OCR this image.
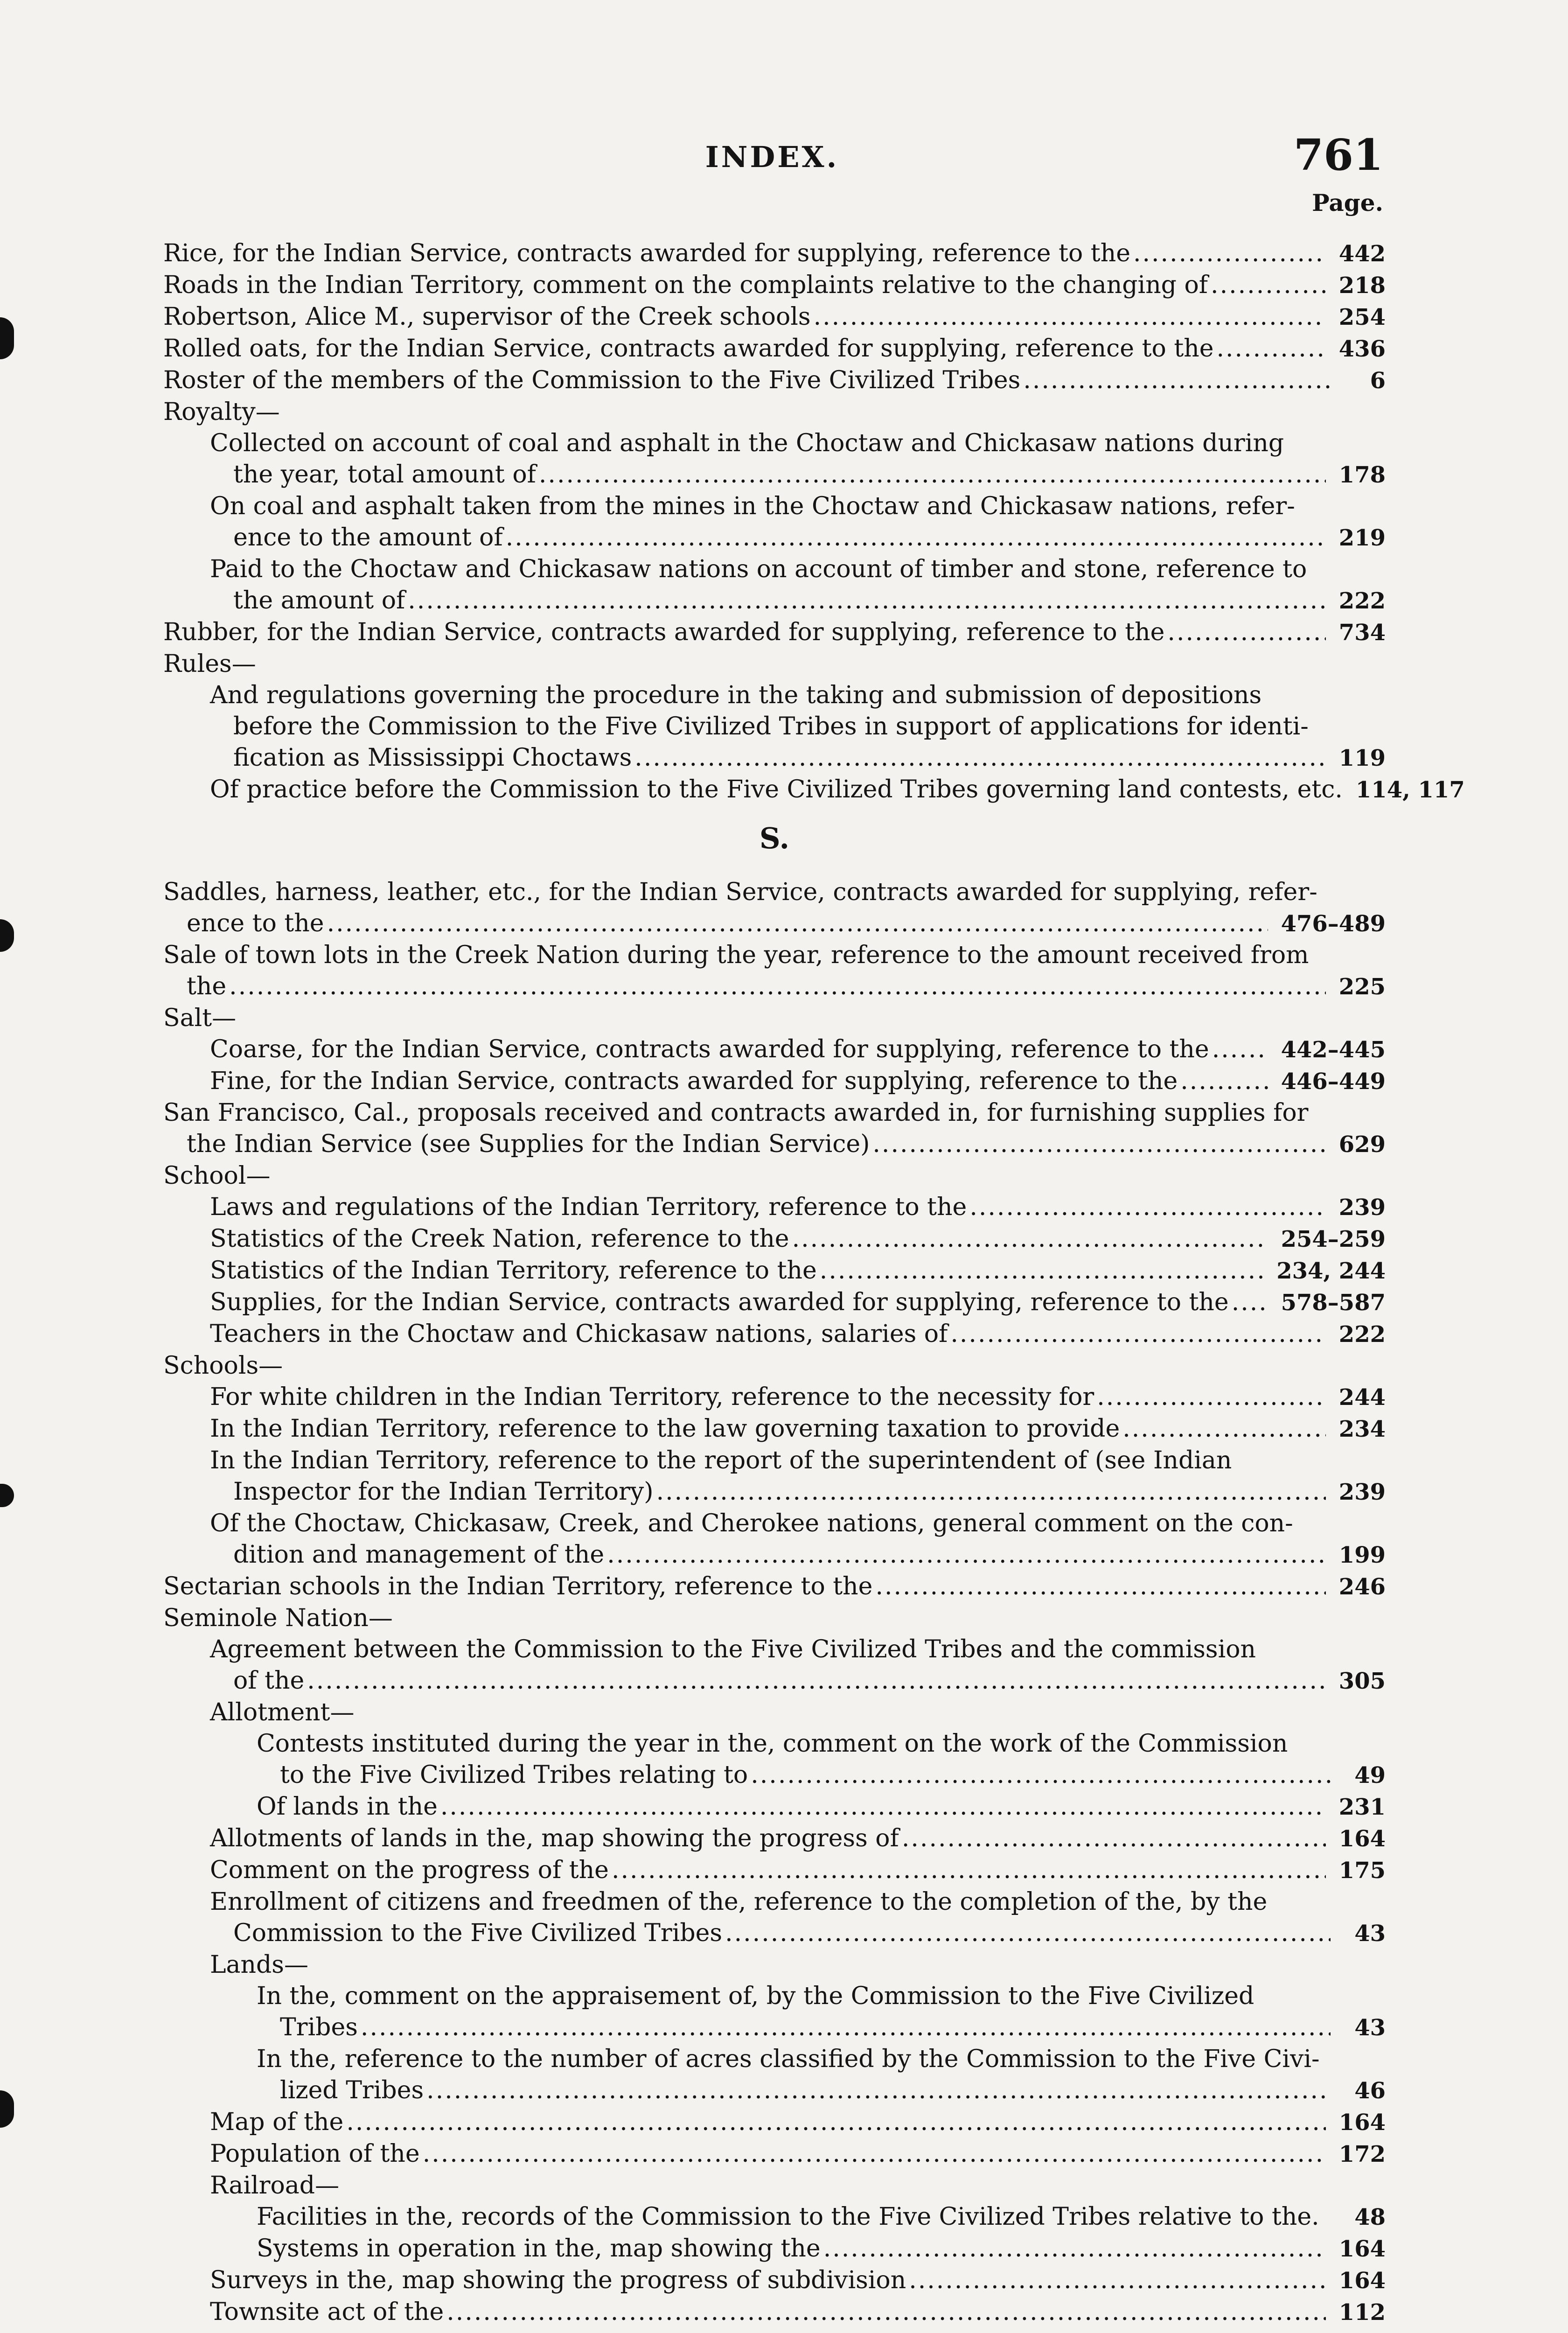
INDEX.	761
Page.
Rice, for the Indian Service, contracts awarded for supplying, reference to the .....	442
Roads in the Indian Territory, comment on the complaints relative to the changing of .....	218
Robertson, Alice M., supervisor of the Creek schools .....	254
Rolled oats, for the Indian Service, contracts awarded for supplying, reference to the .....	436
Roster of the members of the Commission to the Five Civilized Tribes .....	6
Royalty—
Collected on account of coal and asphalt in the Choctaw and Chickasaw nations during
the year, total amount of .....	178
On coal and asphalt taken from the mines in the Choctaw and Chickasaw nations, refer-
ence to the amount of .....	219
Paid to the Choctaw and Chickasaw nations on account of timber and stone, reference to
the amount of .....	222
Rubber, for the Indian Service, contracts awarded for supplying, reference to the .....	734
Rules—
And regulations governing the procedure in the taking and submission of depositions
before the Commission to the Five Civilized Tribes in support of applications for identi-
fication as Mississippi Choctaws .....	119
Of practice before the Commission to the Five Civilized Tribes governing land contests, etc. 114, 117
S.
Saddles, harness, leather, etc., for the Indian Service, contracts awarded for supplying, refer-
ence to the .....	476–489
Sale of town lots in the Creek Nation during the year, reference to the amount received from
the .....	225
Salt—
Coarse, for the Indian Service, contracts awarded for supplying, reference to the .....	442–445
Fine, for the Indian Service, contracts awarded for supplying, reference to the .....	446–449
San Francisco, Cal., proposals received and contracts awarded in, for furnishing supplies for
the Indian Service (see Supplies for the Indian Service) .....	629
School—
Laws and regulations of the Indian Territory, reference to the .....	239
Statistics of the Creek Nation, reference to the .....	254–259
Statistics of the Indian Territory, reference to the .....	234, 244
Supplies, for the Indian Service, contracts awarded for supplying, reference to the .....	578–587
Teachers in the Choctaw and Chickasaw nations, salaries of .....	222
Schools—
For white children in the Indian Territory, reference to the necessity for .....	244
In the Indian Territory, reference to the law governing taxation to provide .....	234
In the Indian Territory, reference to the report of the superintendent of (see Indian
Inspector for the Indian Territory) .....	239
Of the Choctaw, Chickasaw, Creek, and Cherokee nations, general comment on the con-
dition and management of the .....	199
Sectarian schools in the Indian Territory, reference to the .....	246
Seminole Nation—
Agreement between the Commission to the Five Civilized Tribes and the commission
of the .....	305
Allotment—
Contests instituted during the year in the, comment on the work of the Commission
to the Five Civilized Tribes relating to .....	49
Of lands in the .....	231
Allotments of lands in the, map showing the progress of .....	164
Comment on the progress of the .....	175
Enrollment of citizens and freedmen of the, reference to the completion of the, by the
Commission to the Five Civilized Tribes .....	43
Lands—
In the, comment on the appraisement of, by the Commission to the Five Civilized
Tribes .....	43
In the, reference to the number of acres classified by the Commission to the Five Civi-
lized Tribes .....	46
Map of the .....	164
Population of the .....	172
Railroad—
Facilities in the, records of the Commission to the Five Civilized Tribes relative to the.	48
Systems in operation in the, map showing the .....	164
Surveys in the, map showing the progress of subdivision .....	164
Townsite act of the .....	112
